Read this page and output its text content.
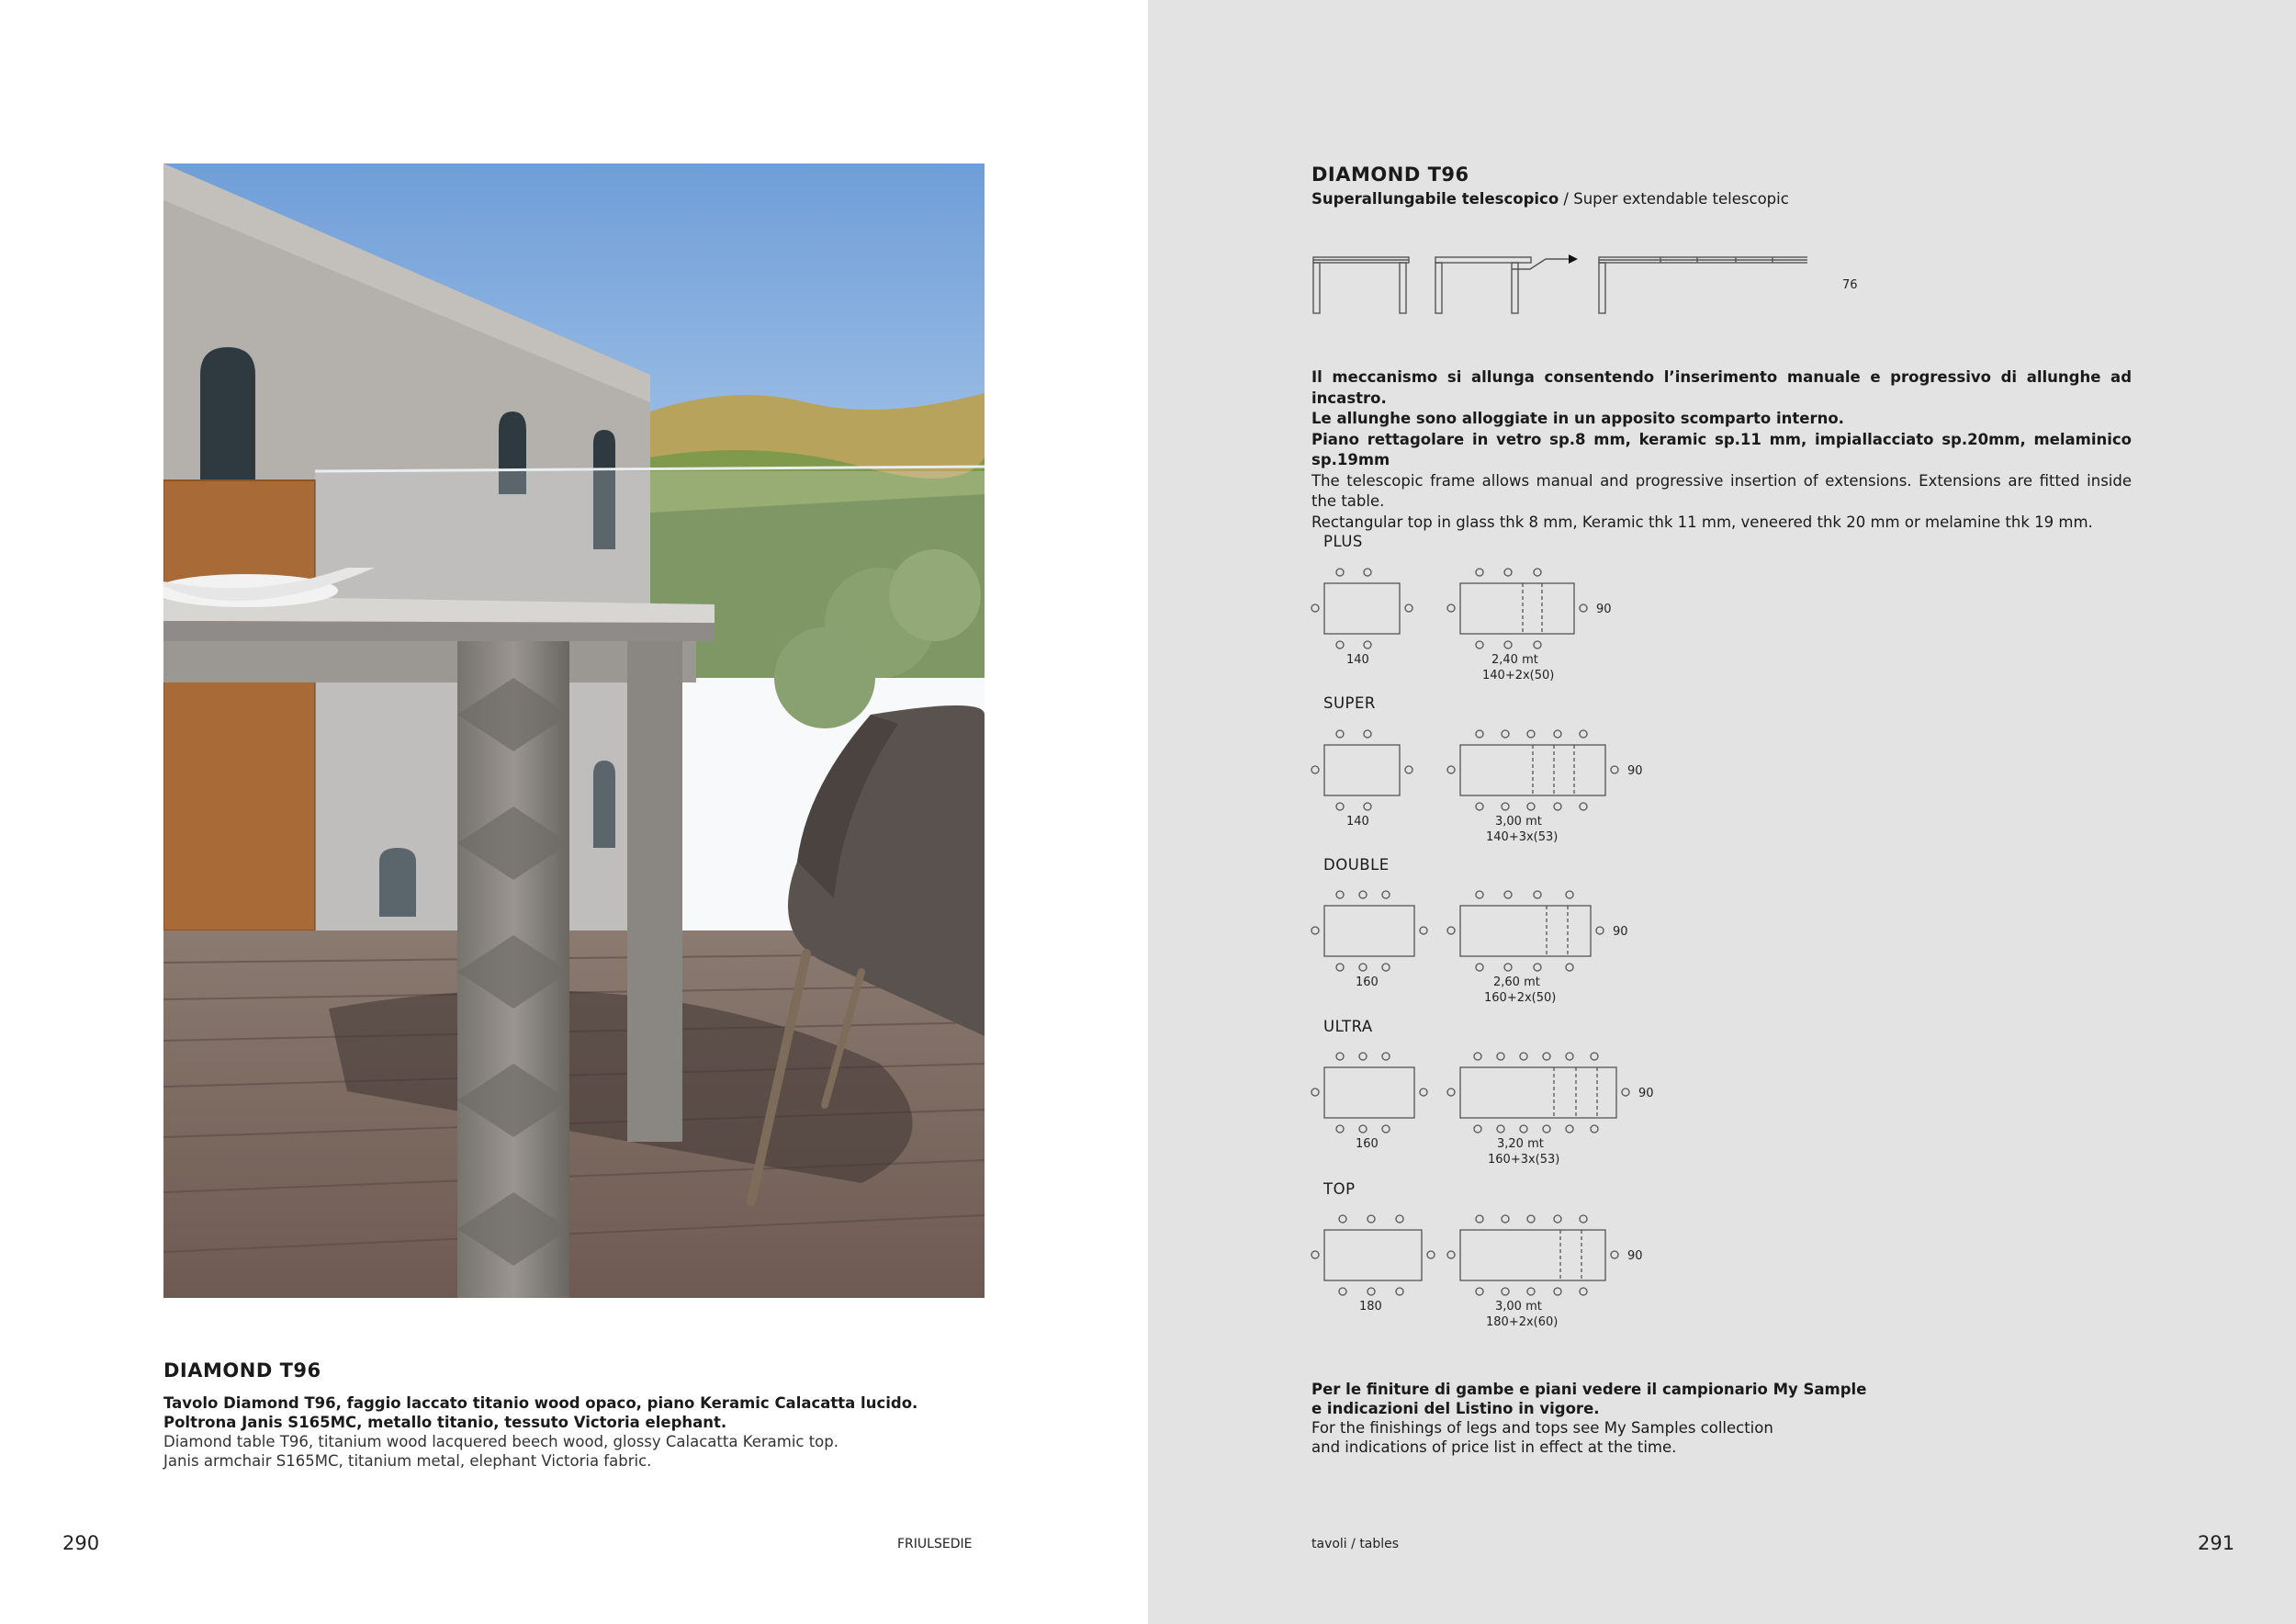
DIAMOND T96
Tavolo Diamond T96, faggio laccato titanio wood opaco, piano Keramic Calacatta lucido.
Poltrona Janis S165MC, metallo titanio, tessuto Victoria elephant.
Diamond table T96, titanium wood lacquered beech wood, glossy Calacatta Keramic top.
Janis armchair S165MC, titanium metal, elephant Victoria fabric.
290	FRIULSEDIE
DIAMOND T96
Superallungabile telescopico / Super extendable telescopic
76
Il meccanismo si allunga consentendo l’inserimento manuale e progressivo di allunghe ad incastro.
Le allunghe sono alloggiate in un apposito scomparto interno.
Piano rettagolare in vetro sp.8 mm, keramic sp.11 mm, impiallacciato sp.20mm, melaminico sp.19mm
The telescopic frame allows manual and progressive insertion of extensions. Extensions are fitted inside the table.
Rectangular top in glass thk 8 mm, Keramic thk 11 mm, veneered thk 20 mm or melamine thk 19 mm.
PLUS
140	2,40 mt
140+2x(50)
90
SUPER
140	3,00 mt
140+3x(53)
90
DOUBLE
160	2,60 mt
160+2x(50)
90
ULTRA
160	3,20 mt
160+3x(53)
90
TOP
180	3,00 mt
180+2x(60)
90
Per le finiture di gambe e piani vedere il campionario My Sample
e indicazioni del Listino in vigore.
For the finishings of legs and tops see My Samples collection
and indications of price list in effect at the time.
tavoli / tables	291
